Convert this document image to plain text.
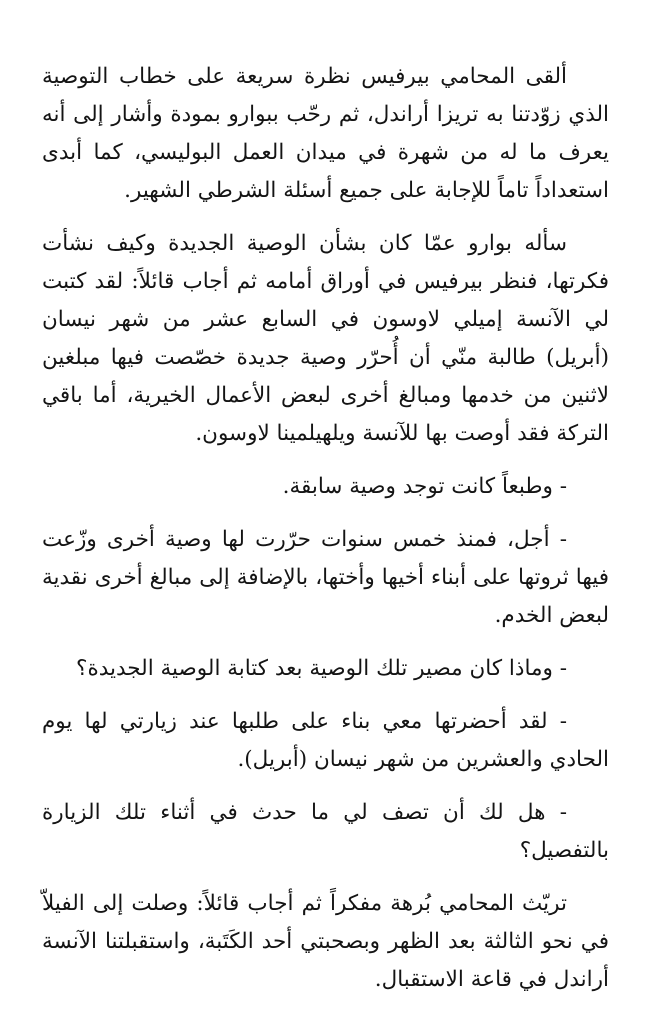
ألقى المحامي بيرفيس نظرة سريعة على خطاب التوصية الذي زوّدتنا به تريزا أراندل، ثم رحّب ببوارو بمودة وأشار إلى أنه يعرف ما له من شهرة في ميدان العمل البوليسي، كما أبدى استعداداً تاماً للإجابة على جميع أسئلة الشرطي الشهير.

سأله بوارو عمّا كان بشأن الوصية الجديدة وكيف نشأت فكرتها، فنظر بيرفيس في أوراق أمامه ثم أجاب قائلاً: لقد كتبت لي الآنسة إميلي لاوسون في السابع عشر من شهر نيسان (أبريل) طالبة منّي أن أُحرّر وصية جديدة خصّصت فيها مبلغين لاثنين من خدمها ومبالغ أخرى لبعض الأعمال الخيرية، أما باقي التركة فقد أوصت بها للآنسة ويلهيلمينا لاوسون.

- وطبعاً كانت توجد وصية سابقة.

- أجل، فمنذ خمس سنوات حرّرت لها وصية أخرى وزّعت فيها ثروتها على أبناء أخيها وأختها، بالإضافة إلى مبالغ أخرى نقدية لبعض الخدم.

- وماذا كان مصير تلك الوصية بعد كتابة الوصية الجديدة؟

- لقد أحضرتها معي بناء على طلبها عند زيارتي لها يوم الحادي والعشرين من شهر نيسان (أبريل).

- هل لك أن تصف لي ما حدث في أثناء تلك الزيارة بالتفصيل؟

تريّث المحامي بُرهة مفكراً ثم أجاب قائلاً: وصلت إلى الفيلاّ في نحو الثالثة بعد الظهر وبصحبتي أحد الكَتَبة، واستقبلتنا الآنسة أراندل في قاعة الاستقبال.
